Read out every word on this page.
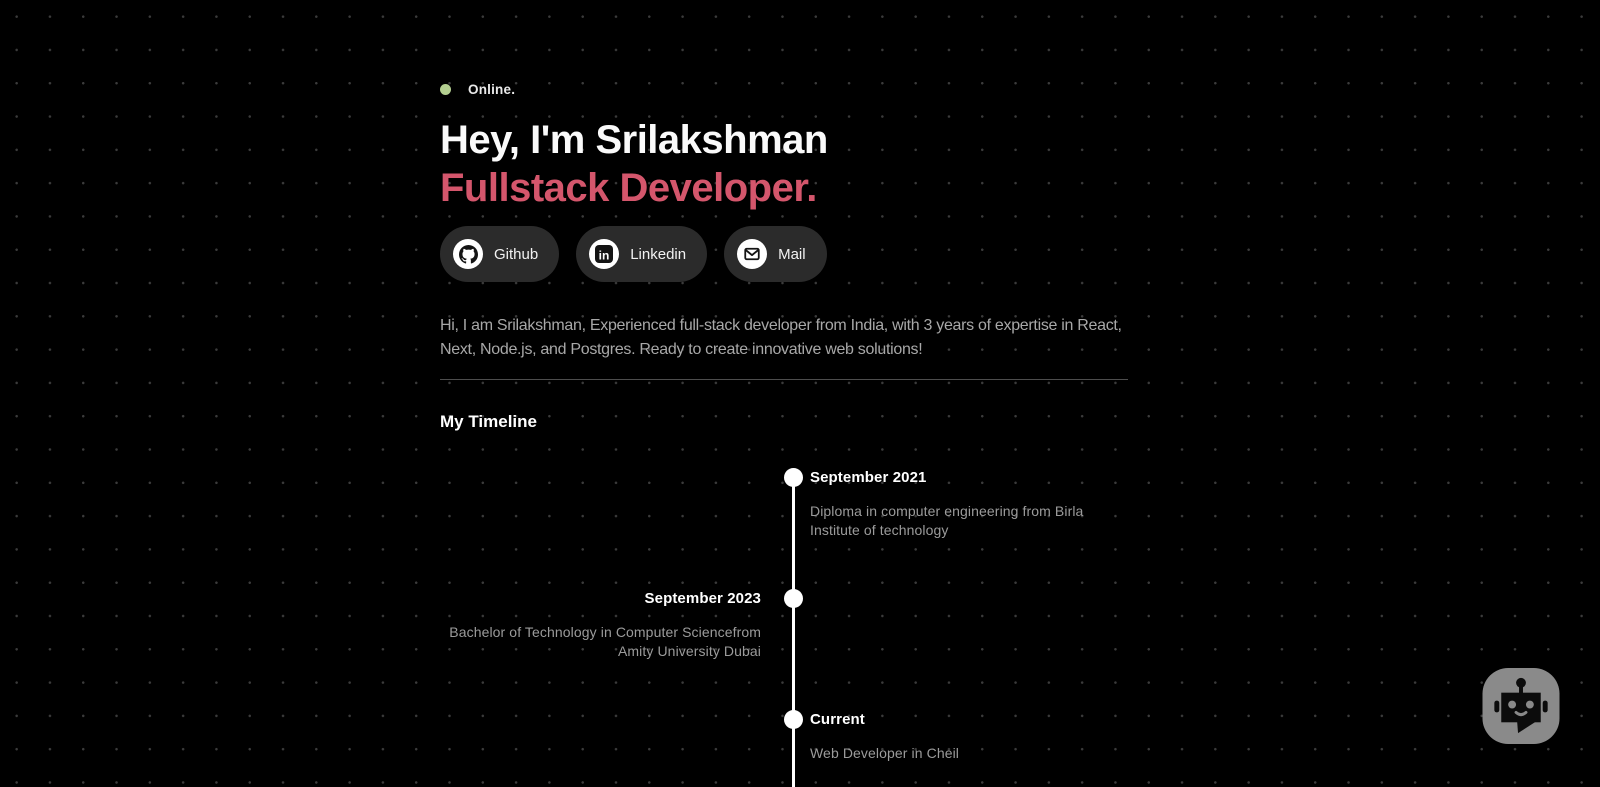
Online.
Hey, I'm Srilakshman
Fullstack Developer.
Github	in Linkedin	Mail

Hi, I am Srilakshman, Experienced full-stack developer from India, with 3 years of expertise in React, Next, Node.js, and Postgres. Ready to create innovative web solutions!

My Timeline
September 2021
Diploma in computer engineering from Birla Institute of technology
September 2023
Bachelor of Technology in Computer Sciencefrom Amity University Dubai
Current
Web Developer in Cheil
